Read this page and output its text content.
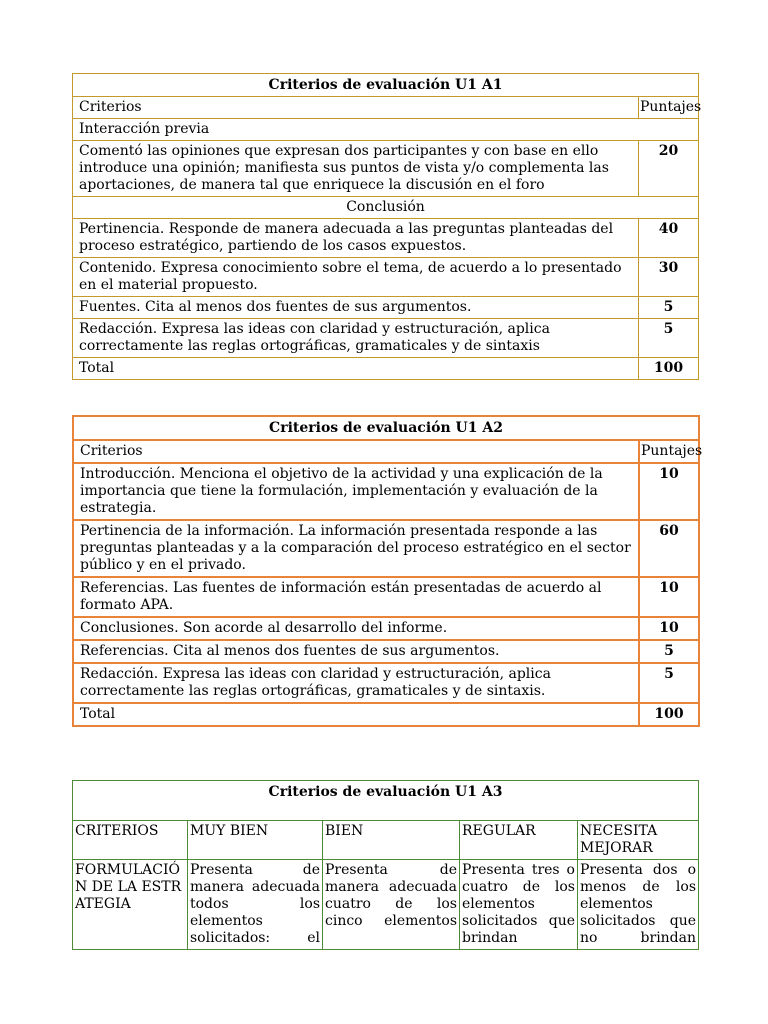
Criterios de evaluación U1 A1	
Criterios	Puntajes
Interacción previa	
Comentó las opiniones que expresan dos participantes y con base en ello introduce una opinión; manifiesta sus puntos de vista y/o complementa las aportaciones, de manera tal que enriquece la discusión en el foro	20
Conclusión	
Pertinencia. Responde de manera adecuada a las preguntas planteadas del proceso estratégico, partiendo de los casos expuestos.	40
Contenido. Expresa conocimiento sobre el tema, de acuerdo a lo presentado en el material propuesto.	30
Fuentes. Cita al menos dos fuentes de sus argumentos.	5
Redacción. Expresa las ideas con claridad y estructuración, aplica correctamente las reglas ortográficas, gramaticales y de sintaxis	5
Total	100
Criterios de evaluación U1 A2	
Criterios	Puntajes
Introducción. Menciona el objetivo de la actividad y una explicación de la importancia que tiene la formulación, implementación y evaluación de la estrategia.	10
Pertinencia de la información. La información presentada responde a las preguntas planteadas y a la comparación del proceso estratégico en el sector público y en el privado.	60
Referencias. Las fuentes de información están presentadas de acuerdo al formato APA.	10
Conclusiones. Son acorde al desarrollo del informe.	10
Referencias. Cita al menos dos fuentes de sus argumentos.	5
Redacción. Expresa las ideas con claridad y estructuración, aplica correctamente las reglas ortográficas, gramaticales y de sintaxis.	5
Total	100
Criterios de evaluación U1 A3				
CRITERIOS	MUY BIEN	BIEN	REGULAR	NECESITA MEJORAR
FORMULACIÓN DE LA ESTRATEGIA	Presenta de manera adecuada todos los elementos solicitados: el	Presenta de manera adecuada cuatro de los cinco elementos	Presenta tres o cuatro de los elementos solicitados que brindan	Presenta dos o menos de los elementos solicitados que no brindan
